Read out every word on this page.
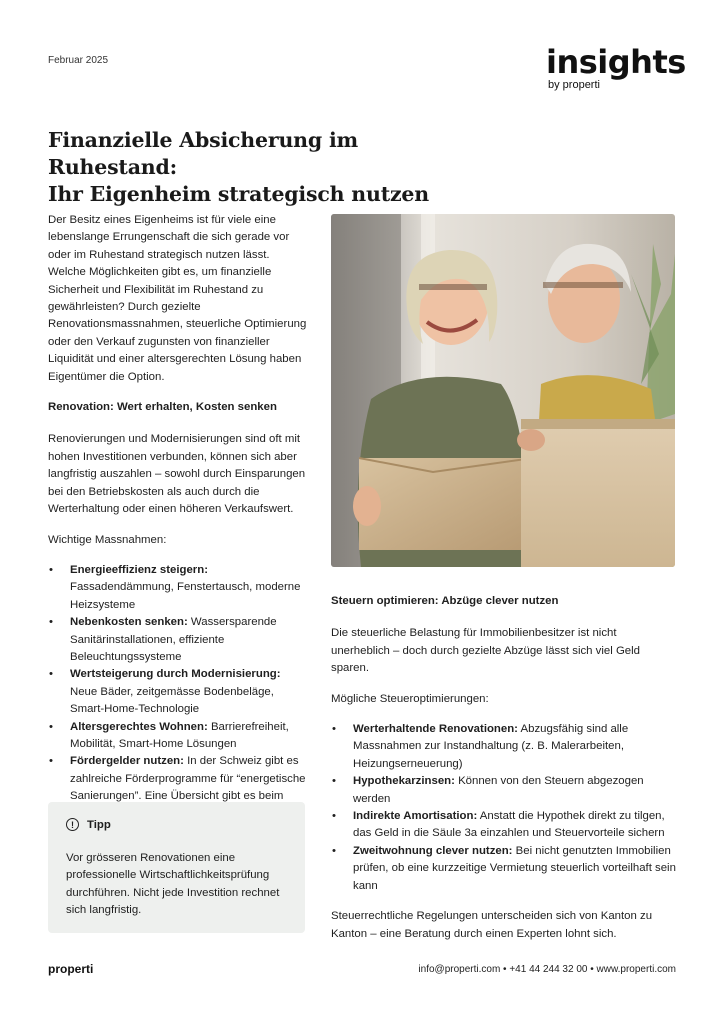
Februar 2025	insights
by properti
Finanzielle Absicherung im Ruhestand:
Ihr Eigenheim strategisch nutzen

Der Besitz eines Eigenheims ist für viele eine lebenslange Errungenschaft die sich gerade vor oder im Ruhestand strategisch nutzen lässt. Welche Möglichkeiten gibt es, um finanzielle Sicherheit und Flexibilität im Ruhestand zu gewährleisten? Durch gezielte Renovationsmassnahmen, steuerliche Optimierung oder den Verkauf zugunsten von finanzieller Liquidität und einer altersgerechten Lösung haben Eigentümer die Option.

Renovation: Wert erhalten, Kosten senken

Renovierungen und Modernisierungen sind oft mit hohen Investitionen verbunden, können sich aber langfristig auszahlen – sowohl durch Einsparungen bei den Betriebskosten als auch durch die Werterhaltung oder einen höheren Verkaufswert.

Wichtige Massnahmen:

• Energieeffizienz steigern: Fassadendämmung, Fenstertausch, moderne Heizsysteme
• Nebenkosten senken: Wassersparende Sanitärinstallationen, effiziente Beleuchtungssysteme
• Wertsteigerung durch Modernisierung: Neue Bäder, zeitgemässe Bodenbeläge, Smart-Home-Technologie
• Altersgerechtes Wohnen: Barrierefreiheit, Mobilität, Smart-Home Lösungen
• Fördergelder nutzen: In der Schweiz gibt es zahlreiche Förderprogramme für “energetische Sanierungen”. Eine Übersicht gibt es beim
!	Tipp
Vor grösseren Renovationen eine professionelle Wirtschaftlichkeitsprüfung durchführen. Nicht jede Investition rechnet sich langfristig.

Steuern optimieren: Abzüge clever nutzen

Die steuerliche Belastung für Immobilienbesitzer ist nicht unerheblich – doch durch gezielte Abzüge lässt sich viel Geld sparen.

Mögliche Steueroptimierungen:

• Werterhaltende Renovationen: Abzugsfähig sind alle Massnahmen zur Instandhaltung (z. B. Malerarbeiten, Heizungserneuerung)
• Hypothekarzinsen: Können von den Steuern abgezogen werden
• Indirekte Amortisation: Anstatt die Hypothek direkt zu tilgen, das Geld in die Säule 3a einzahlen und Steuervorteile sichern
• Zweitwohnung clever nutzen: Bei nicht genutzten Immobilien prüfen, ob eine kurzzeitige Vermietung steuerlich vorteilhaft sein kann

Steuerrechtliche Regelungen unterscheiden sich von Kanton zu Kanton – eine Beratung durch einen Experten lohnt sich.

properti	info@properti.com • +41 44 244 32 00 • www.properti.com
